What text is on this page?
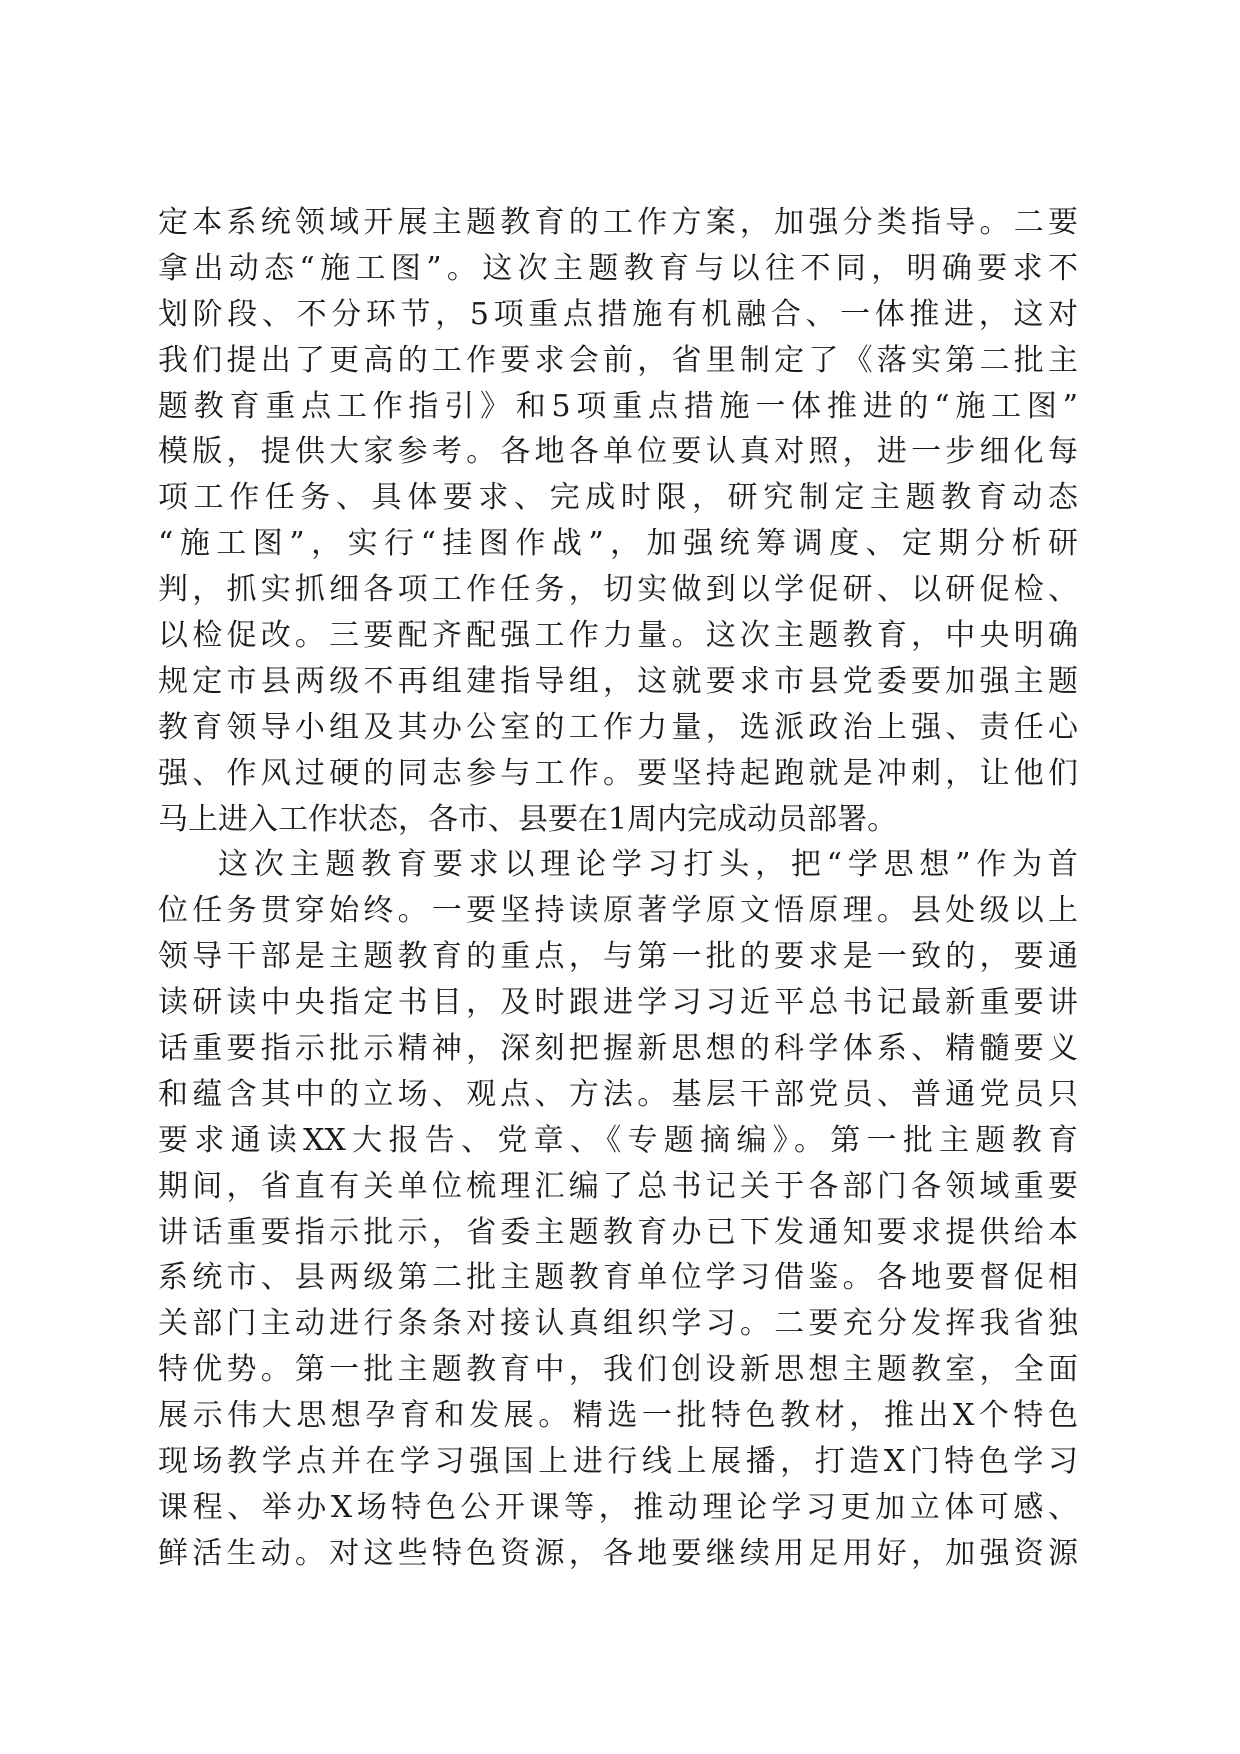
定本系统领域开展主题教育的工作方案，加强分类指导。二要
拿出动态“施工图”。这次主题教育与以往不同，明确要求不
划阶段、不分环节，5项重点措施有机融合、一体推进，这对
我们提出了更高的工作要求会前，省里制定了《落实第二批主
题教育重点工作指引》和5项重点措施一体推进的“施工图”
模版，提供大家参考。各地各单位要认真对照，进一步细化每
项工作任务、具体要求、完成时限，研究制定主题教育动态
“施工图”，实行“挂图作战”，加强统筹调度、定期分析研
判，抓实抓细各项工作任务，切实做到以学促研、以研促检、
以检促改。三要配齐配强工作力量。这次主题教育，中央明确
规定市县两级不再组建指导组，这就要求市县党委要加强主题
教育领导小组及其办公室的工作力量，选派政治上强、责任心
强、作风过硬的同志参与工作。要坚持起跑就是冲刺，让他们
马上进入工作状态，各市、县要在1周内完成动员部署。
这次主题教育要求以理论学习打头，把“学思想”作为首
位任务贯穿始终。一要坚持读原著学原文悟原理。县处级以上
领导干部是主题教育的重点，与第一批的要求是一致的，要通
读研读中央指定书目，及时跟进学习习近平总书记最新重要讲
话重要指示批示精神，深刻把握新思想的科学体系、精髓要义
和蕴含其中的立场、观点、方法。基层干部党员、普通党员只
要求通读XX大报告、党章、《专题摘编》。第一批主题教育
期间，省直有关单位梳理汇编了总书记关于各部门各领域重要
讲话重要指示批示，省委主题教育办已下发通知要求提供给本
系统市、县两级第二批主题教育单位学习借鉴。各地要督促相
关部门主动进行条条对接认真组织学习。二要充分发挥我省独
特优势。第一批主题教育中，我们创设新思想主题教室，全面
展示伟大思想孕育和发展。精选一批特色教材，推出X个特色
现场教学点并在学习强国上进行线上展播，打造X门特色学习
课程、举办X场特色公开课等，推动理论学习更加立体可感、
鲜活生动。对这些特色资源，各地要继续用足用好，加强资源
